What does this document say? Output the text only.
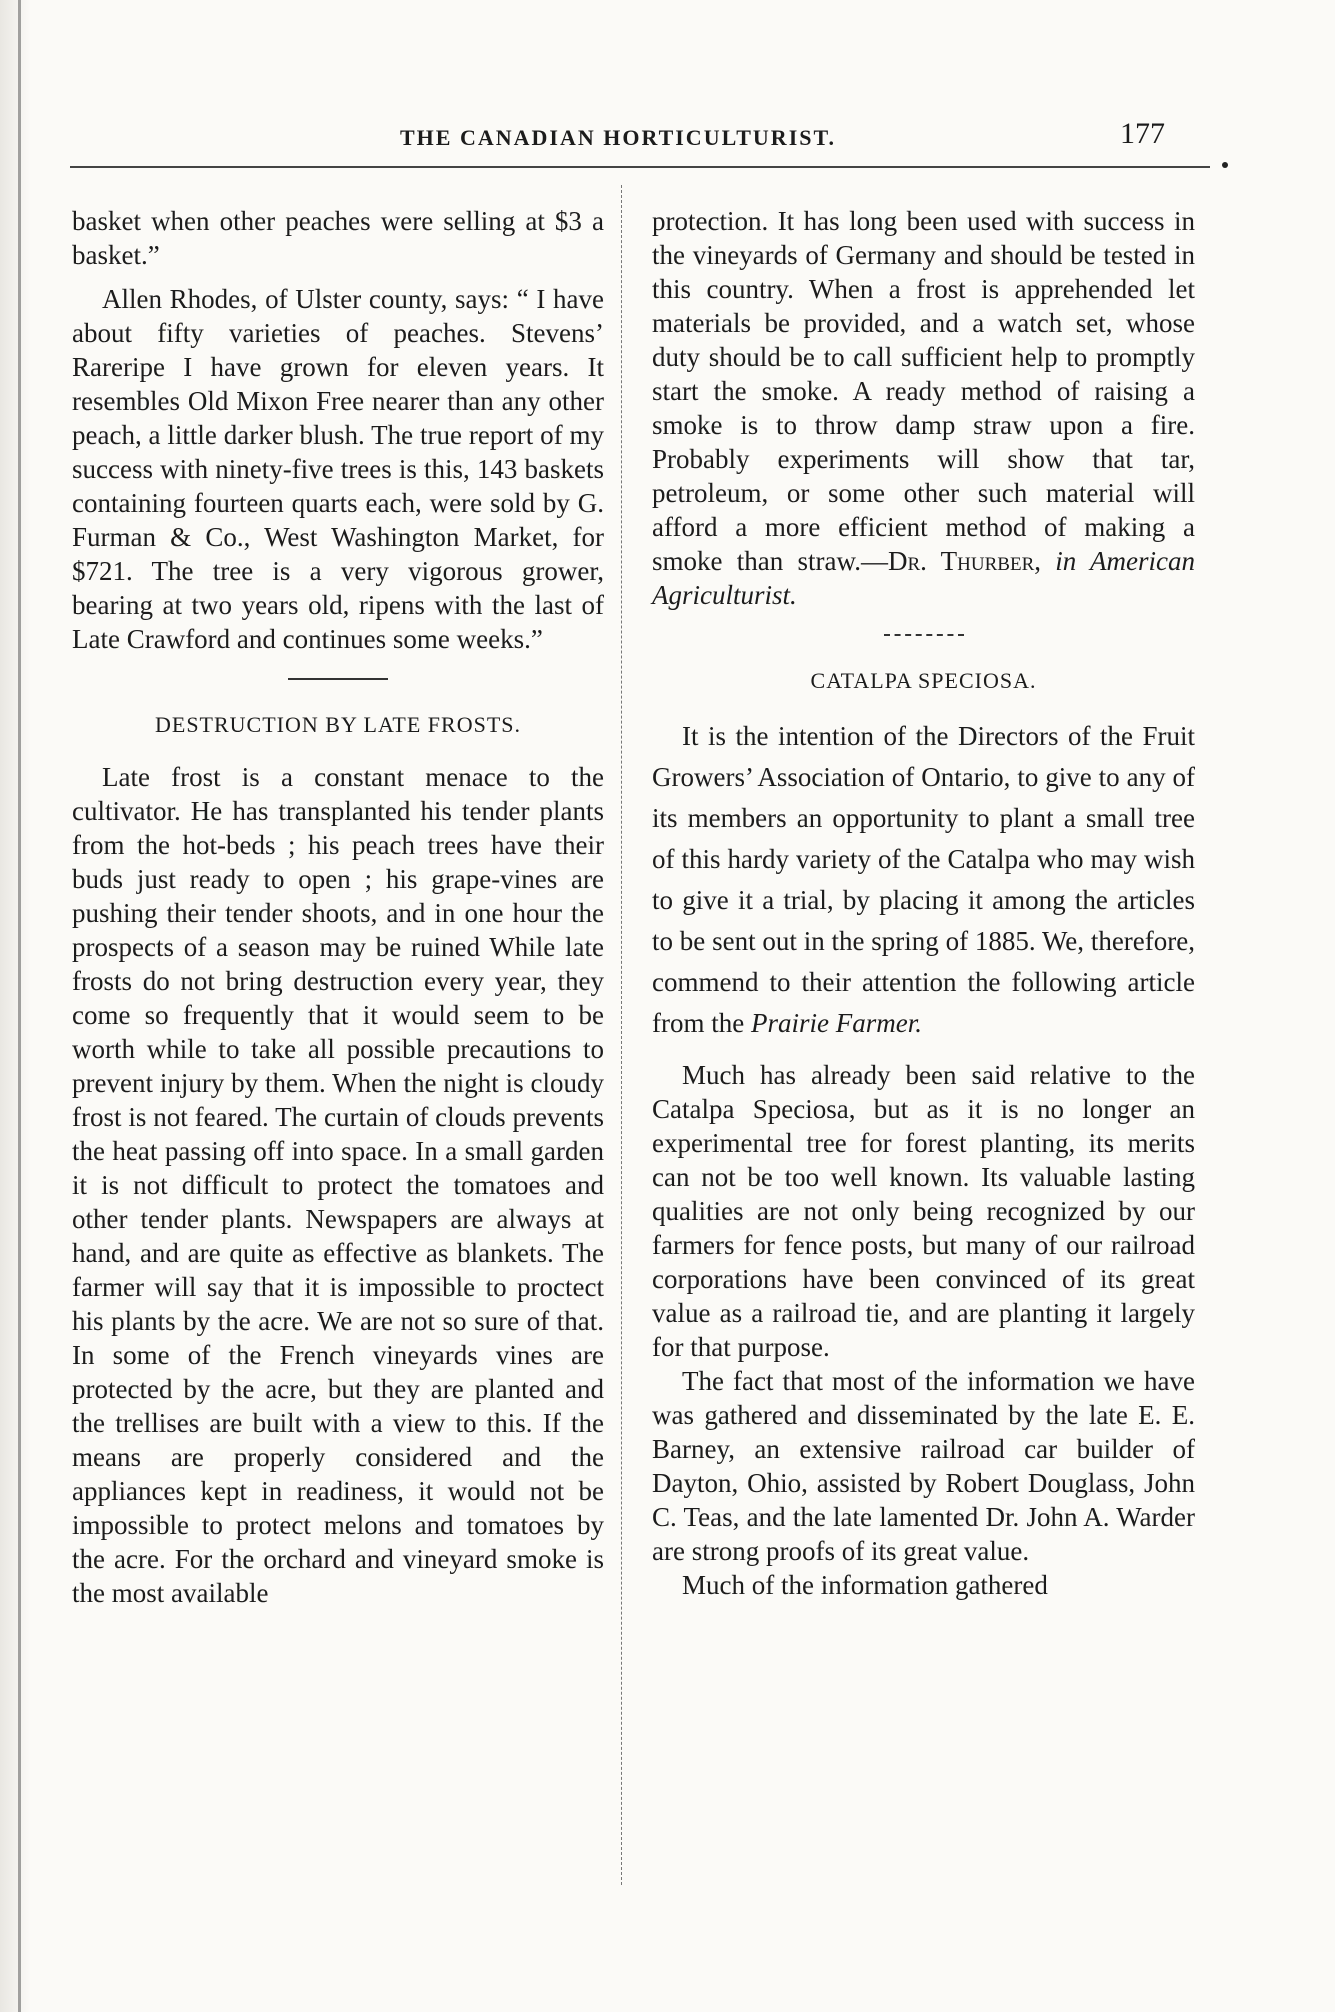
THE CANADIAN HORTICULTURIST.	177

basket when other peaches were selling at $3 a basket.”

Allen Rhodes, of Ulster county, says: “ I have about fifty varieties of peaches. Stevens’ Rareripe I have grown for eleven years. It resembles Old Mixon Free nearer than any other peach, a little darker blush. The true report of my success with ninety-five trees is this, 143 baskets containing fourteen quarts each, were sold by G. Furman & Co., West Washington Market, for $721. The tree is a very vigorous grower, bearing at two years old, ripens with the last of Late Crawford and continues some weeks.”

DESTRUCTION BY LATE FROSTS.

Late frost is a constant menace to the cultivator. He has transplanted his tender plants from the hot-beds ; his peach trees have their buds just ready to open ; his grape-vines are pushing their tender shoots, and in one hour the prospects of a season may be ruined While late frosts do not bring destruction every year, they come so frequently that it would seem to be worth while to take all possible precautions to prevent injury by them. When the night is cloudy frost is not feared. The curtain of clouds prevents the heat passing off into space. In a small garden it is not difficult to protect the tomatoes and other tender plants. Newspapers are always at hand, and are quite as effective as blankets. The farmer will say that it is impossible to proctect his plants by the acre. We are not so sure of that. In some of the French vineyards vines are protected by the acre, but they are planted and the trellises are built with a view to this. If the means are properly considered and the appliances kept in readiness, it would not be impossible to protect melons and tomatoes by the acre. For the orchard and vineyard smoke is the most available

protection. It has long been used with success in the vineyards of Germany and should be tested in this country. When a frost is apprehended let materials be provided, and a watch set, whose duty should be to call sufficient help to promptly start the smoke. A ready method of raising a smoke is to throw damp straw upon a fire. Probably experiments will show that tar, petroleum, or some other such material will afford a more efficient method of making a smoke than straw.—Dr. Thurber, in American Agriculturist.

CATALPA SPECIOSA.

It is the intention of the Directors of the Fruit Growers’ Association of Ontario, to give to any of its members an opportunity to plant a small tree of this hardy variety of the Catalpa who may wish to give it a trial, by placing it among the articles to be sent out in the spring of 1885. We, therefore, commend to their attention the following article from the Prairie Farmer.

Much has already been said relative to the Catalpa Speciosa, but as it is no longer an experimental tree for forest planting, its merits can not be too well known. Its valuable lasting qualities are not only being recognized by our farmers for fence posts, but many of our railroad corporations have been convinced of its great value as a railroad tie, and are planting it largely for that purpose.

The fact that most of the information we have was gathered and disseminated by the late E. E. Barney, an extensive railroad car builder of Dayton, Ohio, assisted by Robert Douglass, John C. Teas, and the late lamented Dr. John A. Warder are strong proofs of its great value.

Much of the information gathered
